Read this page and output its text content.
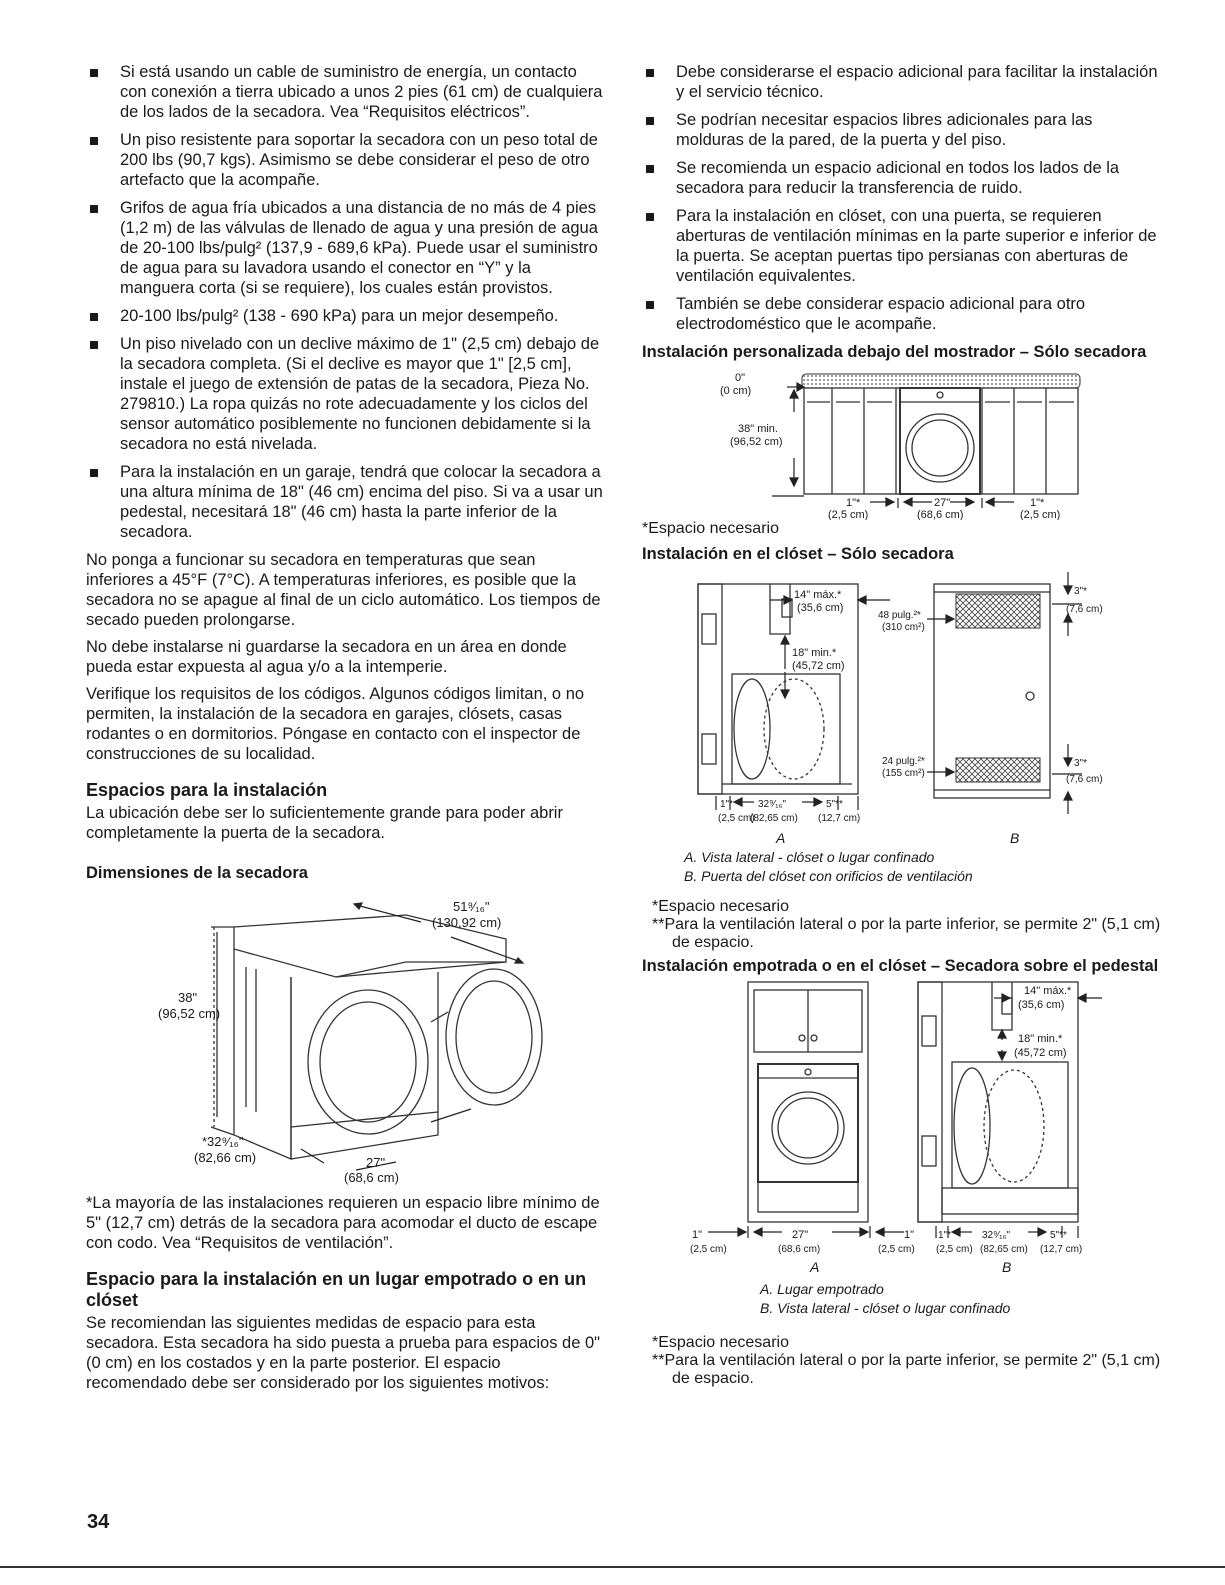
Si está usando un cable de suministro de energía, un contacto con conexión a tierra ubicado a unos 2 pies (61 cm) de cualquiera de los lados de la secadora. Vea “Requisitos eléctricos”.
Un piso resistente para soportar la secadora con un peso total de 200 lbs (90,7 kgs). Asimismo se debe considerar el peso de otro artefacto que la acompañe.
Grifos de agua fría ubicados a una distancia de no más de 4 pies (1,2 m) de las válvulas de llenado de agua y una presión de agua de 20-100 lbs/pulg² (137,9 - 689,6 kPa). Puede usar el suministro de agua para su lavadora usando el conector en “Y” y la manguera corta (si se requiere), los cuales están provistos.
20-100 lbs/pulg² (138 - 690 kPa) para un mejor desempeño.
Un piso nivelado con un declive máximo de 1" (2,5 cm) debajo de la secadora completa. (Si el declive es mayor que 1" [2,5 cm], instale el juego de extensión de patas de la secadora, Pieza No. 279810.) La ropa quizás no rote adecuadamente y los ciclos del sensor automático posiblemente no funcionen debidamente si la secadora no está nivelada.
Para la instalación en un garaje, tendrá que colocar la secadora a una altura mínima de 18" (46 cm) encima del piso. Si va a usar un pedestal, necesitará 18" (46 cm) hasta la parte inferior de la secadora.

No ponga a funcionar su secadora en temperaturas que sean inferiores a 45°F (7°C). A temperaturas inferiores, es posible que la secadora no se apague al final de un ciclo automático. Los tiempos de secado pueden prolongarse.

No debe instalarse ni guardarse la secadora en un área en donde pueda estar expuesta al agua y/o a la intemperie.

Verifique los requisitos de los códigos. Algunos códigos limitan, o no permiten, la instalación de la secadora en garajes, clósets, casas rodantes o en dormitorios. Póngase en contacto con el inspector de construcciones de su localidad.

Espacios para la instalación

La ubicación debe ser lo suficientemente grande para poder abrir completamente la puerta de la secadora.

Dimensiones de la secadora
51⁹⁄₁₆"
(130,92 cm)
38"
(96,52 cm)
*32⁹⁄₁₆"
(82,66 cm)	27"
(68,6 cm)

*La mayoría de las instalaciones requieren un espacio libre mínimo de 5" (12,7 cm) detrás de la secadora para acomodar el ducto de escape con codo. Vea “Requisitos de ventilación”.

Espacio para la instalación en un lugar empotrado o en un clóset

Se recomiendan las siguientes medidas de espacio para esta secadora. Esta secadora ha sido puesta a prueba para espacios de 0" (0 cm) en los costados y en la parte posterior. El espacio recomendado debe ser considerado por los siguientes motivos:

Debe considerarse el espacio adicional para facilitar la instalación y el servicio técnico.
Se podrían necesitar espacios libres adicionales para las molduras de la pared, de la puerta y del piso.
Se recomienda un espacio adicional en todos los lados de la secadora para reducir la transferencia de ruido.
Para la instalación en clóset, con una puerta, se requieren aberturas de ventilación mínimas en la parte superior e inferior de la puerta. Se aceptan puertas tipo persianas con aberturas de ventilación equivalentes.
También se debe considerar espacio adicional para otro electrodoméstico que le acompañe.
Instalación personalizada debajo del mostrador – Sólo secadora
0"
(0 cm)
38" min.
(96,52 cm)
1"*
(2,5 cm)
27"
(68,6 cm)
1"*
(2,5 cm)
*Espacio necesario
Instalación en el clóset – Sólo secadora
14" máx.*
(35,6 cm)
18" min.*
(45,72 cm)
48 pulg.²*
(310 cm²)
24 pulg.²*
(155 cm²)
3"*
(7,6 cm)
3"*
(7,6 cm)
1"* 32⁹⁄₁₆"	5"**
(2,5 cm)
(82,65 cm) (12,7 cm)
A	B
A. Vista lateral - clóset o lugar confinado
B. Puerta del clóset con orificios de ventilación
*Espacio necesario
**Para la ventilación lateral o por la parte inferior, se permite 2" (5,1 cm) de espacio.
Instalación empotrada o en el clóset – Secadora sobre el pedestal
1"
(2,5 cm)
27"
(68,6 cm)
1"
(2,5 cm)
14" máx.*
(35,6 cm)
18" min.*
(45,72 cm)
1"*	32⁹⁄₁₆"	5"**
(2,5 cm) (82,65 cm) (12,7 cm)
A	B
A. Lugar empotrado
B. Vista lateral - clóset o lugar confinado
*Espacio necesario
**Para la ventilación lateral o por la parte inferior, se permite 2" (5,1 cm) de espacio.
34
